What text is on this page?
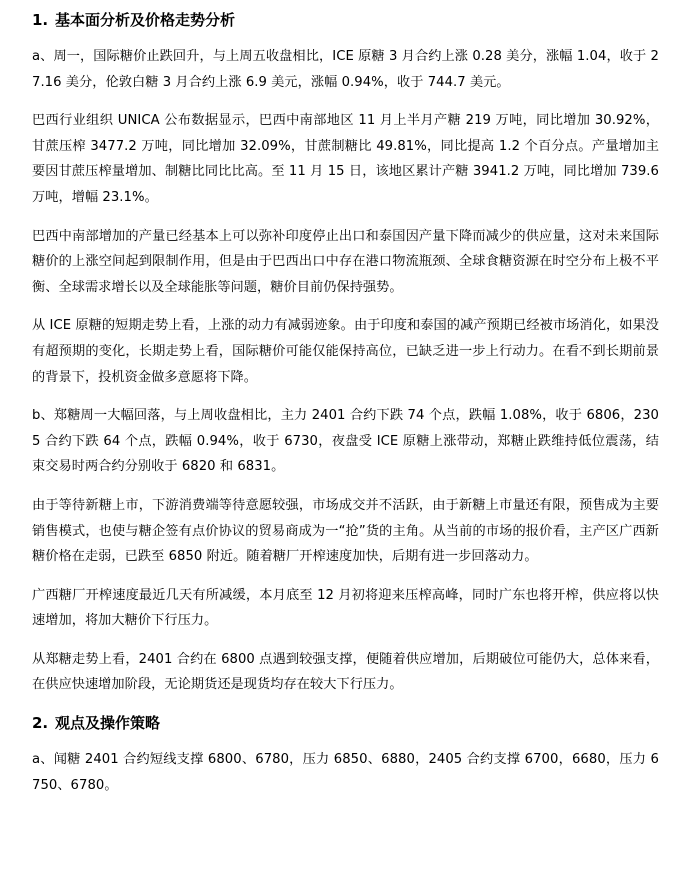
1. 基本面分析及价格走势分析

a、周一，国际糖价止跌回升，与上周五收盘相比，ICE 原糖 3 月合约上涨 0.28 美分，涨幅 1.04，收于 27.16 美分，伦敦白糖 3 月合约上涨 6.9 美元，涨幅 0.94%，收于 744.7 美元。

巴西行业组织 UNICA 公布数据显示，巴西中南部地区 11 月上半月产糖 219 万吨，同比增加 30.92%，甘蔗压榨 3477.2 万吨，同比增加 32.09%，甘蔗制糖比 49.81%，同比提高 1.2 个百分点。产量增加主要因甘蔗压榨量增加、制糖比同比比高。至 11 月 15 日，该地区累计产糖 3941.2 万吨，同比增加 739.6 万吨，增幅 23.1%。

巴西中南部增加的产量已经基本上可以弥补印度停止出口和泰国因产量下降而减少的供应量，这对未来国际糖价的上涨空间起到限制作用，但是由于巴西出口中存在港口物流瓶颈、全球食糖资源在时空分布上极不平衡、全球需求增长以及全球能胀等问题，糖价目前仍保持强势。

从 ICE 原糖的短期走势上看，上涨的动力有减弱迹象。由于印度和泰国的减产预期已经被市场消化，如果没有超预期的变化，长期走势上看，国际糖价可能仅能保持高位，已缺乏进一步上行动力。在看不到长期前景的背景下，投机资金做多意愿将下降。

b、郑糖周一大幅回落，与上周收盘相比，主力 2401 合约下跌 74 个点，跌幅 1.08%，收于 6806，2305 合约下跌 64 个点，跌幅 0.94%，收于 6730，夜盘受 ICE 原糖上涨带动，郑糖止跌维持低位震荡，结束交易时两合约分别收于 6820 和 6831。

由于等待新糖上市，下游消费端等待意愿较强，市场成交并不活跃，由于新糖上市量还有限，预售成为主要销售模式，也使与糖企签有点价协议的贸易商成为一“抢”货的主角。从当前的市场的报价看，主产区广西新糖价格在走弱，已跌至 6850 附近。随着糖厂开榨速度加快，后期有进一步回落动力。

广西糖厂开榨速度最近几天有所减缓，本月底至 12 月初将迎来压榨高峰，同时广东也将开榨，供应将以快速增加，将加大糖价下行压力。

从郑糖走势上看，2401 合约在 6800 点遇到较强支撑，便随着供应增加，后期破位可能仍大，总体来看，在供应快速增加阶段，无论期货还是现货均存在较大下行压力。

2. 观点及操作策略

a、闻糖 2401 合约短线支撑 6800、6780，压力 6850、6880，2405 合约支撑 6700，6680，压力 6750、6780。
